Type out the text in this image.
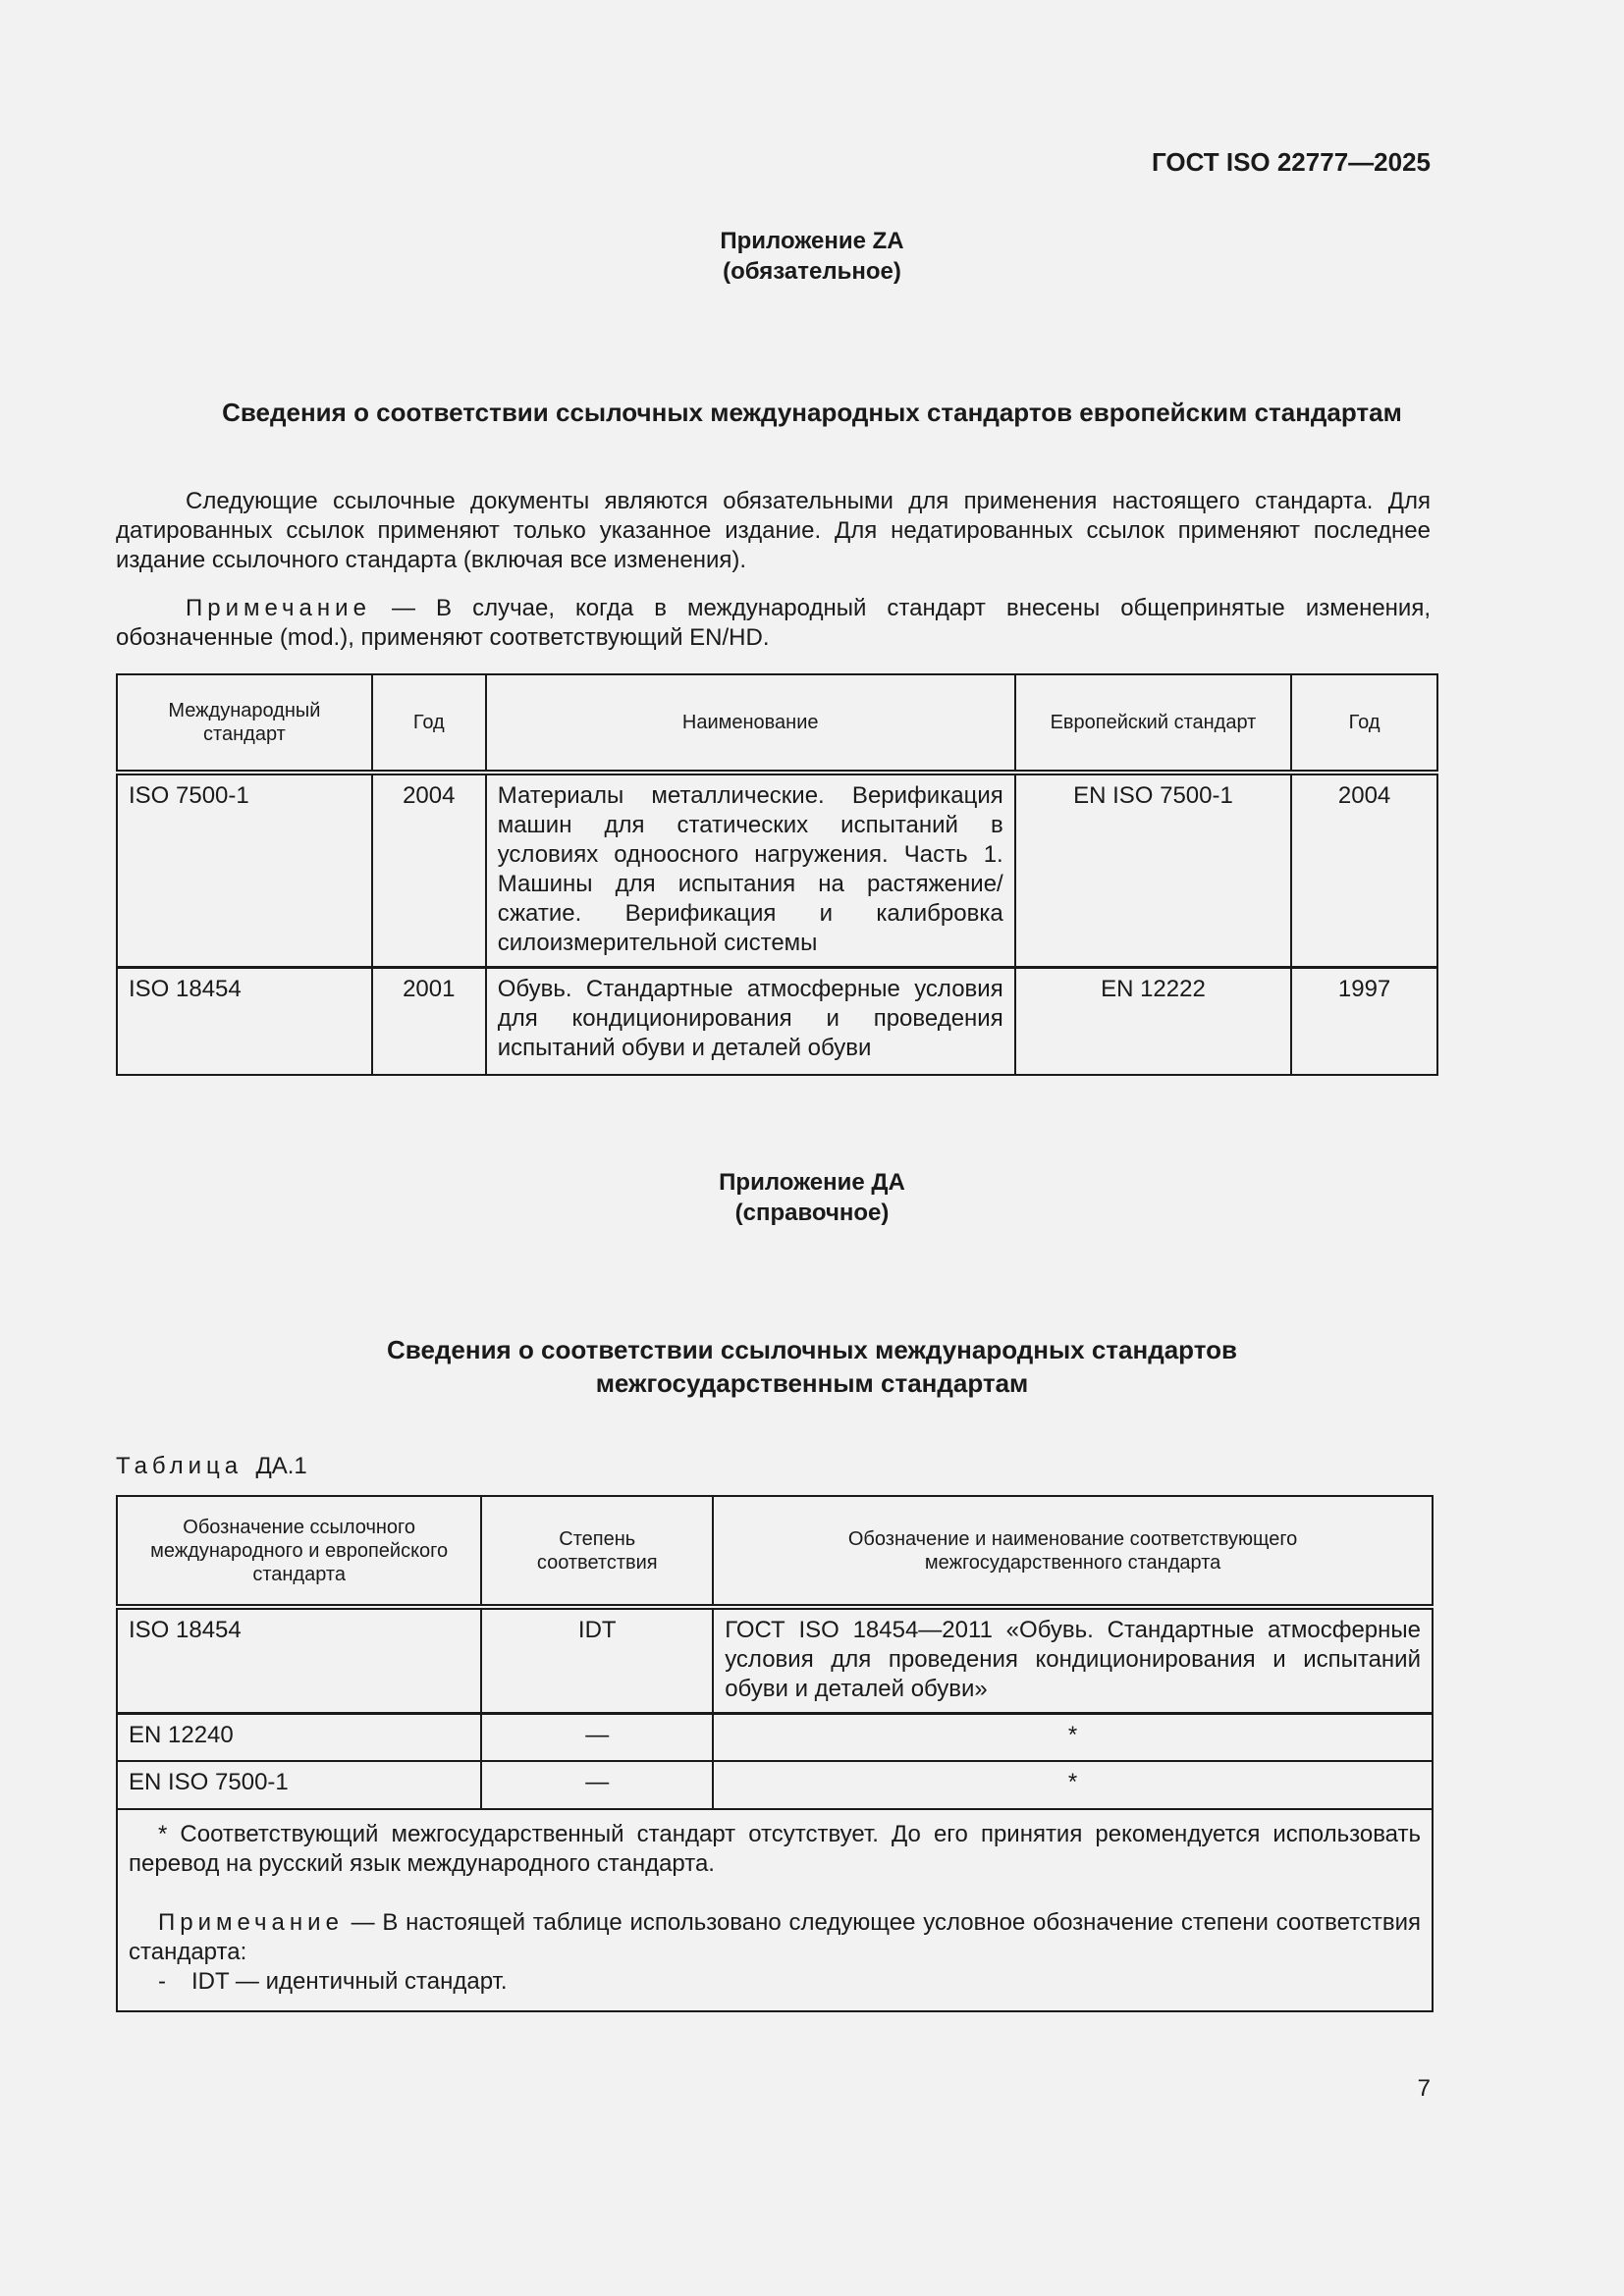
ГОСТ ISO 22777—2025
Приложение ZA
(обязательное)
Сведения о соответствии ссылочных международных стандартов европейским стандартам
Следующие ссылочные документы являются обязательными для применения настоящего стандарта. Для датированных ссылок применяют только указанное издание. Для недатированных ссылок применяют последнее издание ссылочного стандарта (включая все изменения).
Примечание — В случае, когда в международный стандарт внесены общепринятые изменения, обозначенные (mod.), применяют соответствующий EN/HD.
Международный стандарт	Год	Наименование	Европейский стандарт	Год
ISO 7500-1	2004	Материалы металлические. Верификация машин для статических испытаний в условиях одноосного нагружения. Часть 1. Машины для испытания на растяжение/сжатие. Верификация и калибровка силоизмерительной системы	EN ISO 7500-1	2004
ISO 18454	2001	Обувь. Стандартные атмосферные условия для кондиционирования и проведения испытаний обуви и деталей обуви	EN 12222	1997
Приложение ДА
(справочное)
Сведения о соответствии ссылочных международных стандартов
межгосударственным стандартам
Таблица ДА.1
Обозначение ссылочного международного и европейского стандарта	Степень соответствия	Обозначение и наименование соответствующего межгосударственного стандарта
ISO 18454	IDT	ГОСТ ISO 18454—2011 «Обувь. Стандартные атмосферные условия для проведения кондиционирования и испытаний обуви и деталей обуви»
EN 12240	—	*
EN ISO 7500-1	—	*

* Соответствующий межгосударственный стандарт отсутствует. До его принятия рекомендуется использовать перевод на русский язык международного стандарта.
Примечание — В настоящей таблице использовано следующее условное обозначение степени соответствия стандарта:
- IDT — идентичный стандарт.		
7
